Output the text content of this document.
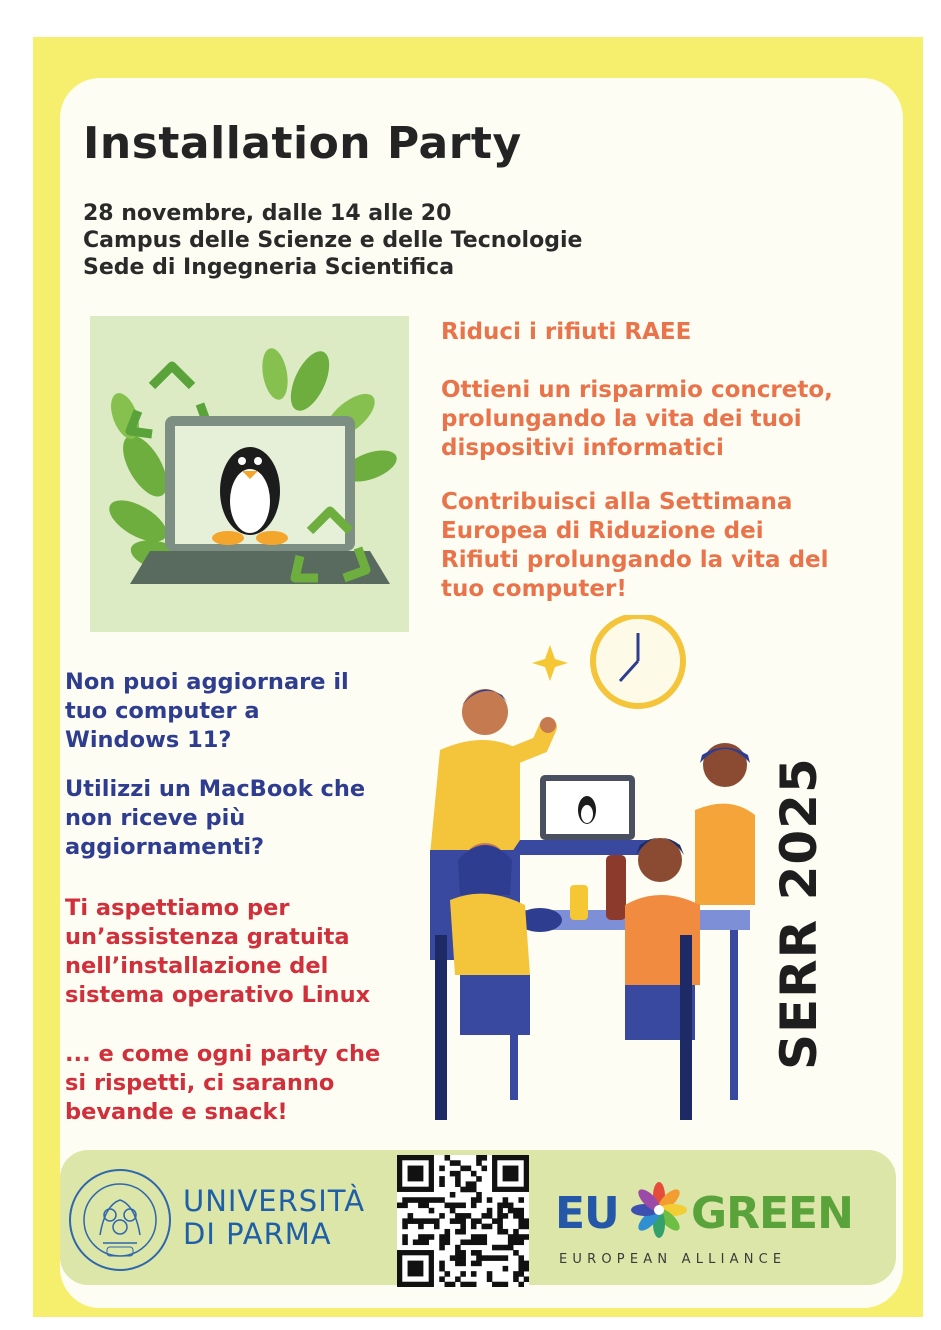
Installation Party
28 novembre, dalle 14 alle 20
Campus delle Scienze e delle Tecnologie
Sede di Ingegneria Scientifica
Riduci i rifiuti RAEE
Ottieni un risparmio concreto,
prolungando la vita dei tuoi
dispositivi informatici
Contribuisci alla Settimana
Europea di Riduzione dei
Rifiuti prolungando la vita del
tuo computer!
Non puoi aggiornare il
tuo computer a
Windows 11?
Utilizzi un MacBook che
non riceve più
aggiornamenti?
Ti aspettiamo per
un’assistenza gratuita
nell’installazione del
sistema operativo Linux
... e come ogni party che
si rispetti, ci saranno
bevande e snack!
SERR 2025
UNIVERSITÀ
DI PARMA	EU GREEN
EUROPEAN ALLIANCE
